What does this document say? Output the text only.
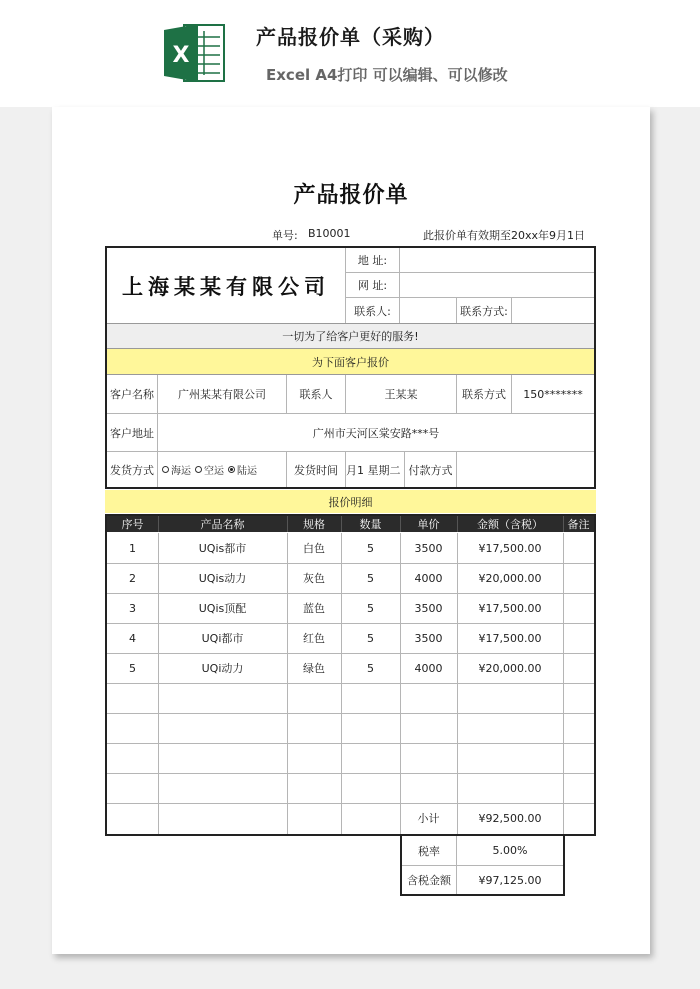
X
产品报价单（采购）
Excel A4打印 可以编辑、可以修改
产品报价单
单号: B10001	此报价单有效期至20xx年9月1日
上海某某有限公司
地 址:
网 址:
联系人:	联系方式:
一切为了给客户更好的服务!
为下面客户报价
客户名称	广州某某有限公司	联系人	王某某	联系方式	150*******
客户地址	广州市天河区棠安路***号
发货方式	海运 空运 陆运	发货时间 月1 星期二 付款方式
报价明细
序号	产品名称	规格	数量	单价	金额（含税）	备注
1	UQis都市	白色	5	3500	¥17,500.00
2	UQis动力	灰色	5	4000	¥20,000.00
3	UQis顶配	蓝色	5	3500	¥17,500.00
4	UQi都市	红色	5	3500	¥17,500.00
5	UQi动力	绿色	5	4000	¥20,000.00
小计	¥92,500.00
税率	5.00%
含税金额	¥97,125.00
